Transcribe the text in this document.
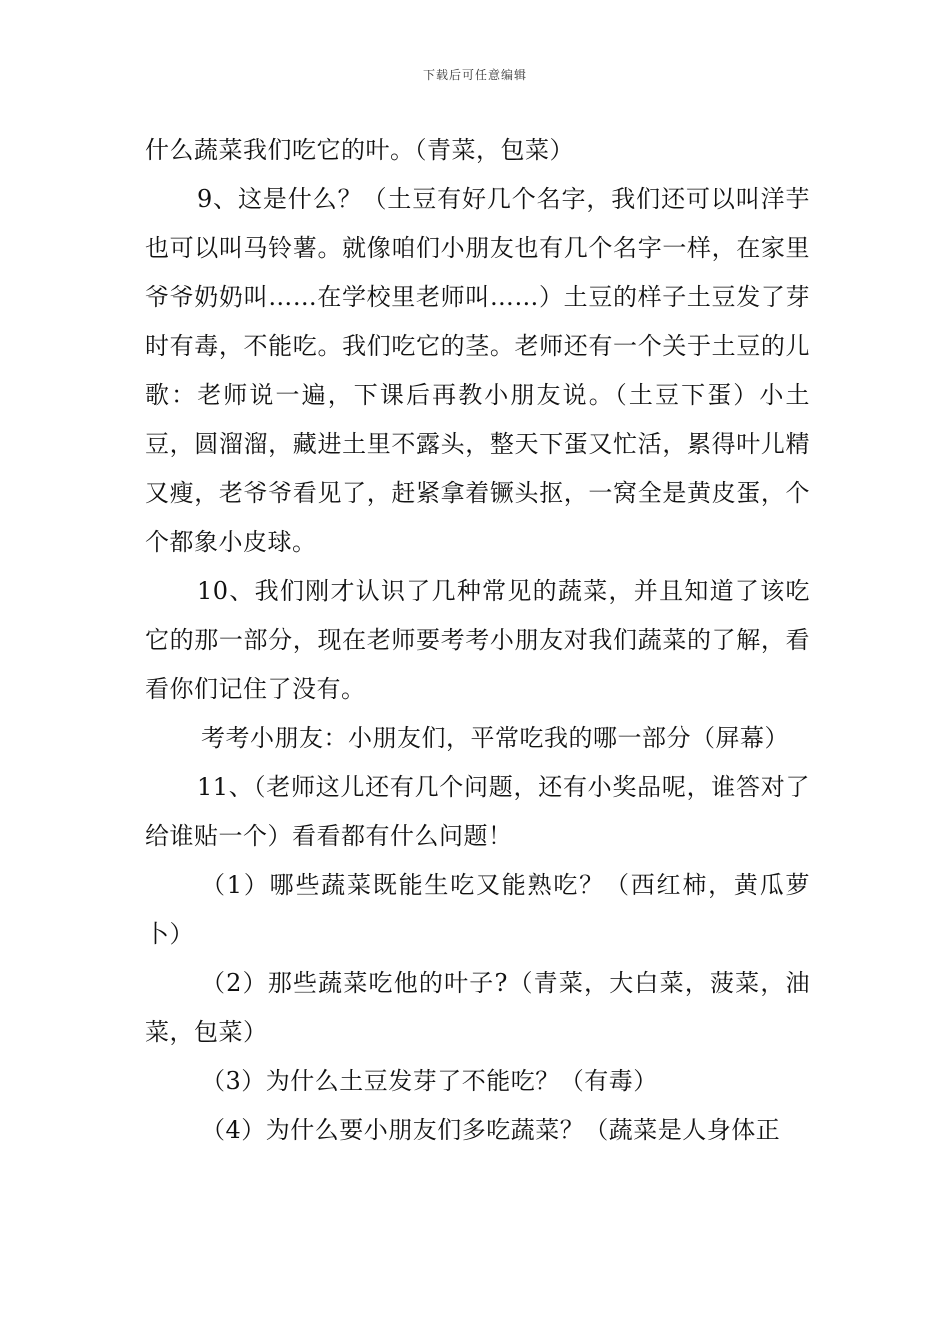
下载后可任意编辑

什么蔬菜我们吃它的叶。（青菜，包菜）

9、这是什么？（土豆有好几个名字，我们还可以叫洋芋也可以叫马铃薯。就像咱们小朋友也有几个名字一样，在家里爷爷奶奶叫……在学校里老师叫……）土豆的样子土豆发了芽时有毒，不能吃。我们吃它的茎。老师还有一个关于土豆的儿歌：老师说一遍，下课后再教小朋友说。（土豆下蛋）小土豆，圆溜溜，藏进土里不露头，整天下蛋又忙活，累得叶儿精又瘦，老爷爷看见了，赶紧拿着镢头抠，一窝全是黄皮蛋，个个都象小皮球。

10、我们刚才认识了几种常见的蔬菜，并且知道了该吃它的那一部分，现在老师要考考小朋友对我们蔬菜的了解，看看你们记住了没有。

考考小朋友：小朋友们，平常吃我的哪一部分（屏幕）

11、（老师这儿还有几个问题，还有小奖品呢，谁答对了给谁贴一个）看看都有什么问题！

（1）哪些蔬菜既能生吃又能熟吃？（西红柿，黄瓜萝卜）

（2）那些蔬菜吃他的叶子?（青菜，大白菜，菠菜，油菜，包菜）

（3）为什么土豆发芽了不能吃？（有毒）

（4）为什么要小朋友们多吃蔬菜？（蔬菜是人身体正
